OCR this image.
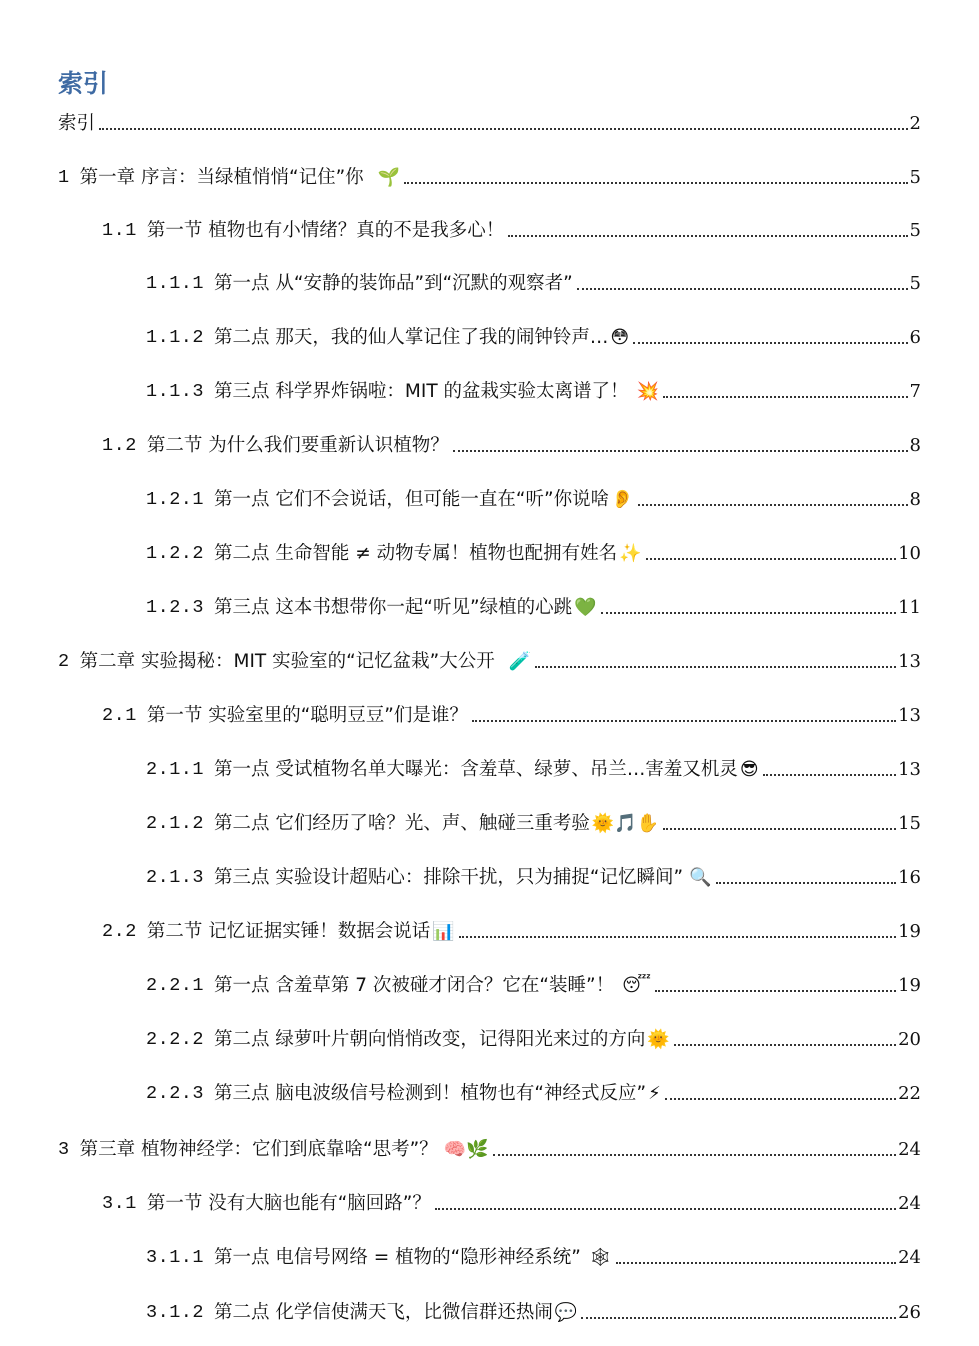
索引
索引	2
1 第一章 序言：当绿植悄悄“记住”你 🌱	5
1.1 第一节 植物也有小情绪？真的不是我多心！	5
1.1.1 第一点 从“安静的装饰品”到“沉默的观察者”	5
1.1.2 第二点 那天，我的仙人掌记住了我的闹钟铃声… 😳	6
1.1.3 第三点 科学界炸锅啦：MIT 的盆栽实验太离谱了！ 💥	7
1.2 第二节 为什么我们要重新认识植物？	8
1.2.1 第一点 它们不会说话，但可能一直在“听”你说啥 👂	8
1.2.2 第二点 生命智能 ≠ 动物专属！植物也配拥有姓名 ✨	10
1.2.3 第三点 这本书想带你一起“听见”绿植的心跳 💚	11
2 第二章 实验揭秘：MIT 实验室的“记忆盆栽”大公开 🧪	13
2.1 第一节 实验室里的“聪明豆豆”们是谁？	13
2.1.1 第一点 受试植物名单大曝光：含羞草、绿萝、吊兰…害羞又机灵 😎	13
2.1.2 第二点 它们经历了啥？光、声、触碰三重考验 🌞🎵✋	15
2.1.3 第三点 实验设计超贴心：排除干扰，只为捕捉“记忆瞬间” 🔍	16
2.2 第二节 记忆证据实锤！数据会说话 📊	19
2.2.1 第一点 含羞草第 7 次被碰才闭合？它在“装睡”！ 😴	19
2.2.2 第二点 绿萝叶片朝向悄悄改变，记得阳光来过的方向 🌞	20
2.2.3 第三点 脑电波级信号检测到！植物也有“神经式反应” ⚡	22
3 第三章 植物神经学：它们到底靠啥“思考”？ 🧠🌿	24
3.1 第一节 没有大脑也能有“脑回路”？	24
3.1.1 第一点 电信号网络 = 植物的“隐形神经系统” 🕸	24
3.1.2 第二点 化学信使满天飞，比微信群还热闹 💬	26
